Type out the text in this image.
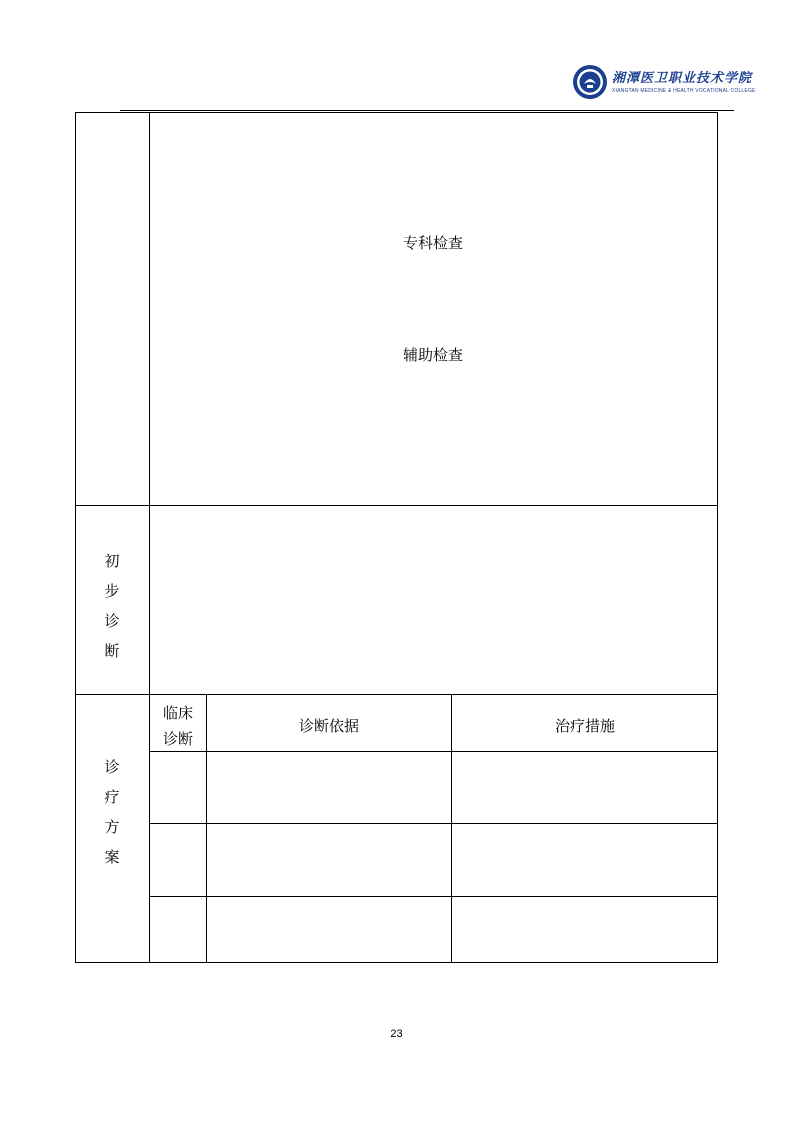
湘潭医卫职业技术学院
XIANGTAN MEDICINE & HEALTH VOCATIONAL COLLEGE
专科检查
辅助检查
初
步
诊
断
诊
疗
方
案
临床
诊断
诊断依据	治疗措施
23
